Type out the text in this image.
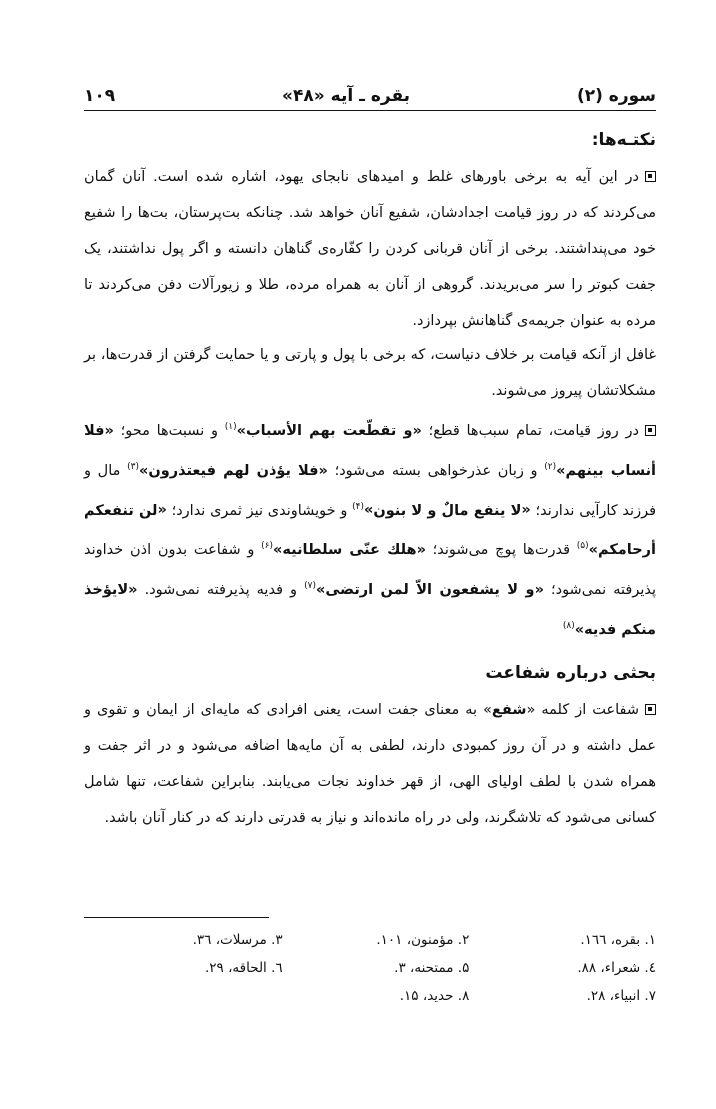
سوره (۲)
بقره ـ آیه «۴۸»
۱۰۹
نکتـه‌ها:

در این آیه به برخی باورهای غلط و امیدهای نابجای یهود، اشاره شده است. آنان گمان می‌کردند که در روز قیامت اجدادشان، شفیع آنان خواهد شد. چنانکه بت‌پرستان، بت‌ها را شفیع خود می‌پنداشتند. برخی از آنان قربانی کردن را کفّاره‌ی گناهان دانسته و اگر پول نداشتند، یک جفت کبوتر را سر می‌بریدند. گروهی از آنان به همراه مرده، طلا و زیورآلات دفن می‌کردند تا مرده به عنوان جریمه‌ی گناهانش بپردازد.

غافل از آنکه قیامت بر خلاف دنیاست، که برخی با پول و پارتی و یا حمایت گرفتن از قدرت‌ها، بر مشکلاتشان پیروز می‌شوند.

در روز قیامت، تمام سبب‌ها قطع؛ « و تقطّعت بهم الأسباب »$^{(۱)}$ و نسبت‌ها محو؛ « فلا أنساب بینهم »$^{(۲)}$ و زبان عذرخواهی بسته می‌شود؛ « فلا یؤذن لهم فیعتذرون »$^{(۳)}$ مال و فرزند کارآیی ندارند؛ « لا ینفع مالٌ و لا بنون »$^{(۴)}$ و خویشاوندی نیز ثمری ندارد؛ « لن تنفعکم أرحامکم »$^{(۵)}$ قدرت‌ها پوچ می‌شوند؛ « هلك عنّی سلطانیه »$^{(۶)}$ و شفاعت بدون اذن خداوند پذیرفته نمی‌شود؛ « و لا یشفعون الاّ لمن ارتضی »$^{(۷)}$ و فدیه پذیرفته نمی‌شود. « لایؤخذ منکم فدیه »$^{(۸)}$

بحثی درباره شفاعت

شفاعت از کلمه «شفع» به معنای جفت است، یعنی افرادی که مایه‌ای از ایمان و تقوی و عمل داشته و در آن روز کمبودی دارند، لطفی به آن مایه‌ها اضافه می‌شود و در اثر جفت و همراه شدن با لطف اولیای الهی، از قهر خداوند نجات می‌یابند. بنابراین شفاعت، تنها شامل کسانی می‌شود که تلاشگرند، ولی در راه مانده‌اند و نیاز به قدرتی دارند که در کنار آنان باشد.

۱. بقره، ١٦٦.
۲. مؤمنون، ۱۰۱.
۳. مرسلات، ٣٦.
٤. شعراء، ۸۸.
۵. ممتحنه، ۳.
٦. الحاقه، ۲۹.
۷. انبیاء، ۲۸.
۸. حدید، ۱۵.
